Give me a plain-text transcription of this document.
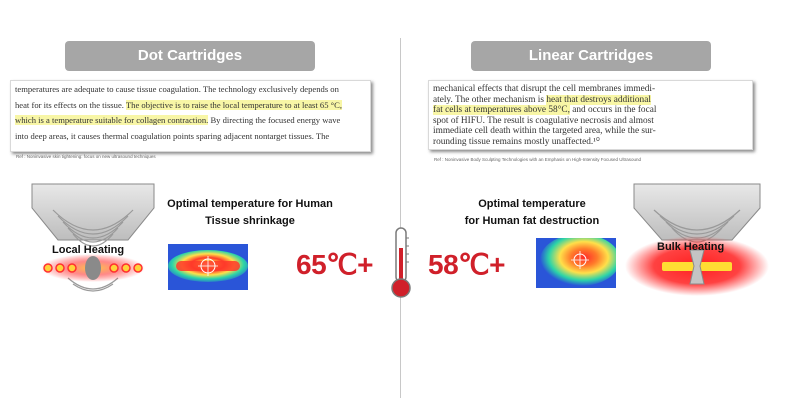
Dot Cartridges

temperatures are adequate to cause tissue coagulation. The technology exclusively depends on

heat for its effects on the tissue. The objective is to raise the local temperature to at least 65 °C,

which is a temperature suitable for collagen contraction. By directing the focused energy wave

into deep areas, it causes thermal coagulation points sparing adjacent nontarget tissues. The

Ref : Noninvasive skin tightening: focus on new ultrasound techniques
Local Heating
Optimal temperature for Human
Tissue shrinkage
65℃+
Linear Cartridges

mechanical effects that disrupt the cell membranes immedi-

ately. The other mechanism is heat that destroys additional

fat cells at temperatures above 58°C, and occurs in the focal

spot of HIFU. The result is coagulative necrosis and almost

immediate cell death within the targeted area, while the sur-

rounding tissue remains mostly unaffected.¹⁰

Ref : Noninvasive Body Sculpting Technologies with an Emphasis on High-Intensity Focused Ultrasound
Optimal temperature
for Human fat destruction
58℃+
Bulk Heating
